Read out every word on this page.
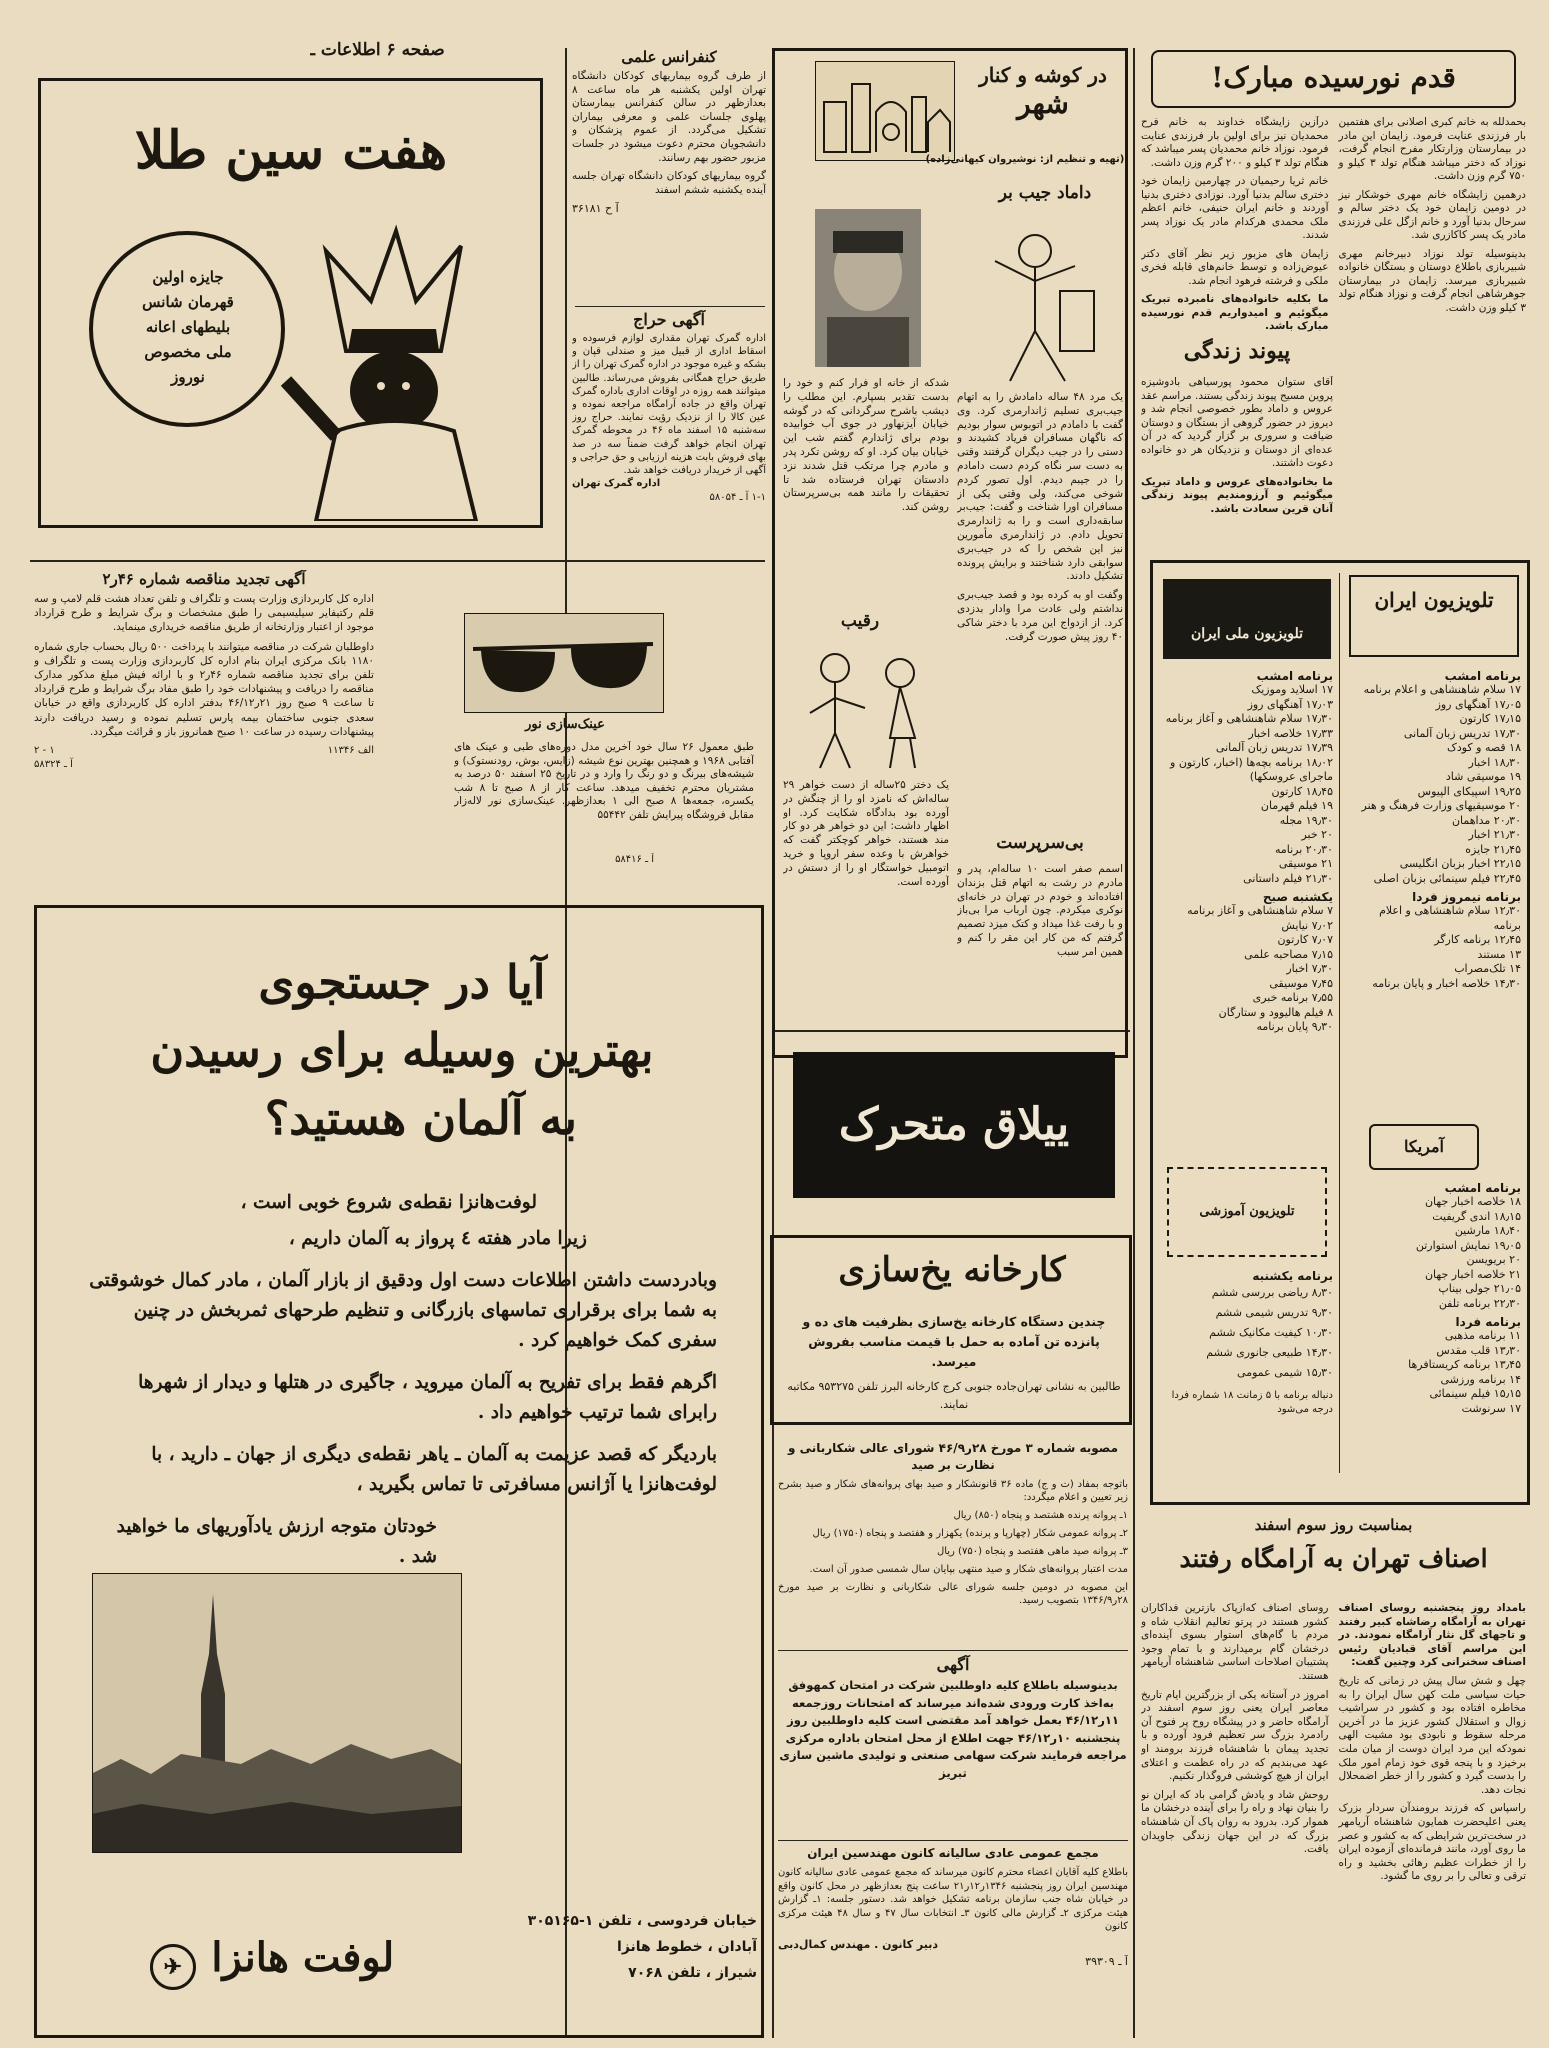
صفحه ۶ اطلاعات ـ
قدم نورسیده مبارک!

بحمدلله به خانم کبری اصلانی برای هفتمین بار فرزندی عنایت فرمود. زایمان این مادر در بیمارستان وزارتکار مفرح انجام گرفت، نوزاد که دختر میباشد هنگام تولد ۳ کیلو و ۷۵۰ گرم وزن داشت.

درهمین زایشگاه خانم مهری خوشکار نیز در دومین زایمان خود یک دختر سالم و سرحال بدنیا آورد و خانم ازگل علی فرزندی مادر یک پسر کاکازری شد.

بدینوسیله تولد نوزاد دبیرخانم مهری شبیربازی باطلاع دوستان و بستگان خانواده شبیربازی میرسد. زایمان در بیمارستان جوهرشاهی انجام گرفت و نوزاد هنگام تولد ۳ کیلو وزن داشت.

درآزین زایشگاه خداوند به خانم فرح محمدیان نیز برای اولین بار فرزندی عنایت فرمود. نوزاد خانم محمدیان پسر میباشد که هنگام تولد ۳ کیلو و ۲۰۰ گرم وزن داشت.

خانم ثریا رحیمیان در چهارمین زایمان خود دختری سالم بدنیا آورد. نوزادی دختری بدنیا آوردند و خانم ایران حنیفی، خانم اعظم ملک محمدی هرکدام مادر یک نوزاد پسر شدند.

زایمان های مزبور زیر نظر آقای دکتر عیوض‌زاده و توسط خانم‌های قابله فخری ملکی و فرشته فرهود انجام شد.

ما بکلیه خانواده‌های نامبرده تبریک میگوئیم و امیدواریم قدم نورسیده مبارک باشد.

پیوند زندگی

آقای ستوان محمود پورسیاهی بادوشیزه پروین مسیح پیوند زندگی بستند. مراسم عقد عروس و داماد بطور خصوصی انجام شد و دیروز در حضور گروهی از بستگان و دوستان ضیافت و سروری بر گزار گردید که در آن عده‌ای از دوستان و نزدیکان هر دو خانواده دعوت داشتند.

ما بخانواده‌های عروس و داماد تبریک میگوئیم و آرزومندیم پیوند زندگی آنان قرین سعادت باشد.

تلویزیون ایران
برنامه امشب
۱۷ سلام شاهنشاهی و اعلام برنامه
۱۷٫۰۵ آهنگهای روز
۱۷٫۱۵ کارتون
۱۷٫۳۰ تدریس زبان آلمانی
۱۸ قصه و کودک
۱۸٫۳۰ اخبار
۱۹ موسیقی شاد
۱۹٫۲۵ اسپیکای الپیوس
۲۰ موسیقیهای وزارت فرهنگ و هنر
۲۰٫۳۰ مداهمان
۲۱٫۳۰ اخبار
۲۱٫۴۵ جایزه
۲۲٫۱۵ اخبار بزبان انگلیسی
۲۲٫۴۵ فیلم سینمائی بزبان اصلی
برنامه نیمروز فردا
۱۲٫۳۰ سلام شاهنشاهی و اعلام برنامه
۱۲٫۴۵ برنامه کارگر
۱۳ مستند
۱۴ تلک‌مصراب
۱۴٫۳۰ خلاصه اخبار و پایان برنامه
آمریکا
برنامه امشب
۱۸ خلاصه اخبار جهان
۱۸٫۱۵ اندی گریفیت
۱۸٫۴۰ مارشین
۱۹٫۰۵ نمایش استوارتن
۲۰ بریویسن
۲۱ خلاصه اخبار جهان
۲۱٫۰۵ جولی بیناپ
۲۲٫۳۰ برنامه تلفن
برنامه فردا
۱۱ برنامه مذهبی
۱۳٫۳۰ قلب مقدس
۱۳٫۴۵ برنامه کریستافرها
۱۴ برنامه ورزشی
۱۵٫۱۵ فیلم سینمائی
۱۷ سرنوشت
تلویزیون ملی ایران
برنامه امشب
۱۷ اسلاید وموزیک
۱۷٫۰۳ آهنگهای روز
۱۷٫۳۰ سلام شاهنشاهی و آغاز برنامه
۱۷٫۳۳ خلاصه اخبار
۱۷٫۳۹ تدریس زبان آلمانی
۱۸٫۰۲ برنامه بچه‌ها (اخبار، کارتون و ماجرای عروسکها)
۱۸٫۴۵ کارتون
۱۹ فیلم قهرمان
۱۹٫۳۰ مجله
۲۰ خبر
۲۰٫۳۰ برنامه
۲۱ موسیقی
۲۱٫۳۰ فیلم داستانی
یکشنبه صبح
۷ سلام شاهنشاهی و آغاز برنامه
۷٫۰۲ نیایش
۷٫۰۷ کارتون
۷٫۱۵ مصاحبه علمی
۷٫۳۰ اخبار
۷٫۴۵ موسیقی
۷٫۵۵ برنامه خبری
۸ فیلم هالیوود و ستارگان
۹٫۳۰ پایان برنامه
تلویزیون آموزشی
برنامه یکشنبه
۸٫۳۰ ریاضی بررسی ششم
۹٫۳۰ تدریس شیمی ششم
۱۰٫۳۰ کیفیت مکانیک ششم
۱۴٫۳۰ طبیعی جانوری ششم
۱۵٫۳۰ شیمی عمومی
دنباله برنامه با ۵ زمانت ۱۸ شماره فردا درجه می‌شود
بمناسبت روز سوم اسفند
اصناف تهران به آرامگاه رفتند

بامداد روز پنجشنبه روسای اصناف تهران به آرامگاه رضاشاه کبیر رفتند و تاجهای گل نثار آرامگاه نمودند. در این مراسم آقای قبادیان رئیس اصناف سخنرانی کرد وچنین گفت:

چهل و شش سال پیش در زمانی که تاریخ حیات سیاسی ملت کهن سال ایران را به مخاطره افتاده بود و کشور در سراشیب زوال و استقلال کشور عزیز ما در آخرین مرحله سقوط و نابودی بود مشیت الهی نمودکه این مرد ایران دوست از میان ملت برخیزد و با پنجه قوی خود زمام امور ملک را بدست گیرد و کشور را از خطر اضمحلال نجات دهد.

راسپاس که فرزند برومندآن سردار بزرک یعنی اعلیحضرت همایون شاهنشاه آریامهر در سخت‌ترین شرایطی که به کشور و عصر ما روی آورد، مانند فرمانده‌ای آزموده ایران را از خطرات عظیم رهائی بخشید و راه ترقی و تعالی را بر روی ما گشود.

روسای اصناف که‌ازپاک بازترین فداکاران کشور هستند در پرتو تعالیم انقلاب شاه و مردم با گام‌های استوار بسوی آینده‌ای درخشان گام برمیدارند و با تمام وجود پشتیبان اصلاحات اساسی شاهنشاه آریامهر هستند.

امروز در آستانه یکی از بزرگترین ایام تاریخ معاصر ایران یعنی روز سوم اسفند در آرامگاه حاضر و در پیشگاه روح پر فتوح آن رادمرد بزرگ سر تعظیم فرود آورده و با تجدید پیمان با شاهنشاه فرزند برومند او عهد می‌بندیم که در راه عظمت و اعتلای ایران از هیچ کوششی فروگذار نکنیم.

روحش شاد و یادش گرامی باد که ایران نو را بنیان نهاد و راه را برای آینده درخشان ما هموار کرد. بدرود به روان پاک آن شاهنشاه بزرگ که در این جهان زندگی جاویدان یافت.

در کوشه و کنار
شهر
(تهیه و تنظیم از: نوشیروان کیهانی‌زاده)
داماد جیب بر

یک مرد ۴۸ ساله دامادش را به اتهام جیب‌بری تسلیم ژاندارمری کرد. وی گفت با دامادم در اتوبوس سوار بودیم که ناگهان مسافران فریاد کشیدند و دستی را در جیب دیگران گرفتند وقتی به دست سر نگاه کردم دست دامادم را در جیبم دیدم. اول تصور کردم شوخی می‌کند، ولی وقتی یکی از مسافران اورا شناخت و گفت: جیب‌بر سابقه‌داری است و را به ژاندارمری تحویل دادم. در ژاندارمری مأمورین نیز این شخص را که در جیب‌بری سوابقی دارد شناختند و برایش پرونده تشکیل دادند.

وگفت او به کرده بود و قصد جیب‌بری نداشتم ولی عادت مرا وادار بدزدی کرد. از ازدواج این مرد با دختر شاکی ۴۰ روز پیش صورت گرفت.

شدکه از خانه او فرار کنم و خود را بدست تقدیر بسپارم. این مطلب را دیشب باشرح سرگردانی که در گوشه خیابان آیزنهاور در جوی آب خوابیده بودم برای ژاندارم گفتم شب این خیابان بیان کرد. او که روشن تکرد پدر و مادرم چرا مرتکب قتل شدند نزد دادستان تهران فرستاده شد تا تحقیقات را مانند همه بی‌سرپرستان روشن کند.

رقیب

یک دختر ۲۵ساله از دست خواهر ۲۹ ساله‌اش که نامزد او را از چنگش در آورده بود بدادگاه شکایت کرد. او اظهار داشت: این دو خواهر هر دو کار مند هستند، خواهر کوچکتر گفت که خواهرش با وعده سفر اروپا و خرید اتومبیل خواستگار او را از دستش در آورده است.

بی‌سرپرست

اسمم صفر است ۱۰ ساله‌ام، پدر و مادرم در رشت به اتهام قتل بزندان افتاده‌اند و خودم در تهران در خانه‌ای نوکری میکردم. چون ارباب مرا بی‌باز و با رفت غذا میداد و کتک میزد تصمیم گرفتم که من کار این مقر را کنم و همین امر سبب

ییلاق متحرک
کارخانه یخ‌سازی
چندین دستگاه کارخانه یخ‌سازی بظرفیت های ده و پانزده تن آماده به حمل با قیمت مناسب بفروش میرسد.
طالبین به نشانی تهران‌جاده جنوبی کرج کارخانه البرز تلفن ۹۵۳۲۷۵ مکاتبه نمایند.
مصوبه شماره ۳ مورخ ۲۸ر۴۶/۹ شورای عالی شکاربانی و نظارت بر صید

باتوجه بمفاد (ت و ج) ماده ۳۶ قانونشکار و صید بهای پروانه‌های شکار و صید بشرح زیر تعیین و اعلام میگردد:

۱ـ پروانه پرنده هشتصد و پنجاه (۸۵۰) ریال

۲ـ پروانه عمومی شکار (چهارپا و پرنده) یکهزار و هفتصد و پنجاه (۱۷۵۰) ریال

۳ـ پروانه صید ماهی هفتصد و پنجاه (۷۵۰) ریال

مدت اعتبار پروانه‌های شکار و صید منتهی بپایان سال شمسی صدور آن است.

این مصوبه در دومین جلسه شورای عالی شکاربانی و نظارت بر صید مورخ ۲۸ر۱۳۴۶/۹ بتصویب رسید.

آگهی
بدینوسیله باطلاع کلیه داوطلبین شرکت در امتحان کمهوفق به‌اخذ کارت ورودی شده‌اند میرساند که امتحانات روزجمعه ۱۱ر۴۶/۱۲ بعمل خواهد آمد مقتضی است کلیه داوطلبین روز پنجشنبه ۱۰ر۴۶/۱۲ جهت اطلاع از محل امتحان باداره مرکزی مراجعه فرمایند شرکت سهامی صنعتی و تولیدی ماشین سازی تبریز
مجمع عمومی عادی سالیانه کانون مهندسین ایران
باطلاع کلیه آقایان اعضاء محترم کانون میرساند که مجمع عمومی عادی سالیانه کانون مهندسین ایران روز پنجشنبه ۱۳۴۶ر۱۲ر۲۱ ساعت پنج بعدازظهر در محل کانون واقع در خیابان شاه جنب سازمان برنامه تشکیل خواهد شد. دستور جلسه: ۱ـ گزارش هیئت مرکزی ۲ـ گزارش مالی کانون ۳ـ انتخابات سال ۴۷ و سال ۴۸ هیئت مرکزی کانون
دبیر کانون . مهندس کمال‌دبی
آ ـ ۳۹۳۰۹
کنفرانس علمی

از طرف گروه بیماریهای کودکان دانشگاه تهران اولین یکشنبه هر ماه ساعت ۸ بعدازظهر در سالن کنفرانس بیمارستان پهلوی جلسات علمی و معرفی بیماران تشکیل می‌گردد. از عموم پزشکان و دانشجویان محترم دعوت میشود در جلسات مزبور حضور بهم رسانند.

گروه بیماریهای کودکان دانشگاه تهران جلسه آینده یکشنبه ششم اسفند

آ ح ۳۶۱۸۱
آگهی حراج
اداره گمرک تهران مقداری لوازم فرسوده و اسقاط اداری از قبیل میز و صندلی قپان و بشکه و غیره موجود در اداره گمرک تهران را از طریق حراج همگانی بفروش می‌رساند. طالبین میتوانند همه روزه در اوقات اداری باداره گمرک تهران واقع در جاده آرامگاه مراجعه نموده و عین کالا را از نزدیک رؤیت نمایند. حراج روز سه‌شنبه ۱۵ اسفند ماه ۴۶ در محوطه گمرک تهران انجام خواهد گرفت ضمناً سه در صد بهای فروش بابت هزینه ارزیابی و حق حراجی و آگهی از خریدار دریافت خواهد شد.
اداره گمرک تهران
۱-۱ آ ـ ۵۸۰۵۴
عینک‌سازی نور
طبق معمول ۲۶ سال خود آخرین مدل دوره‌های طبی و عینک های آفتابی ۱۹۶۸ و همچنین بهترین نوع شیشه (زایس، بوش، رودنستوک) و شیشه‌های بیرنگ و دو رنگ را وارد و در تاریخ ۲۵ اسفند ۵۰ درصد به مشتریان محترم تخفیف میدهد. ساعت کار از ۸ صبح تا ۸ شب یکسره، جمعه‌ها ۸ صبح الی ۱ بعدازظهر. عینک‌سازی نور لاله‌زار مقابل فروشگاه پیرایش تلفن ۵۵۴۴۲
آ ـ ۵۸۴۱۶
هفت سین طلا
جایزه اولین
قهرمان شانس
بلیطهای اعانه
ملی مخصوص
نوروز
آگهی تجدید مناقصه شماره ۴۶ر۲

اداره کل کاربردازی وزارت پست و تلگراف و تلفن تعداد هشت قلم لامپ و سه قلم رکتیفایر سیلیسیمی را طبق مشخصات و برگ شرایط و طرح قرارداد موجود از اعتبار وزارتخانه از طریق مناقصه خریداری مینماید.

داوطلبان شرکت در مناقصه میتوانند با پرداخت ۵۰۰ ریال بحساب جاری شماره ۱۱۸۰ بانک مرکزی ایران بنام اداره کل کاربردازی وزارت پست و تلگراف و تلفن برای تجدید مناقصه شماره ۴۶ر۲ و با ارائه فیش مبلغ مذکور مدارک مناقصه را دریافت و پیشنهادات خود را طبق مفاد برگ شرایط و طرح قرارداد تا ساعت ۹ صبح روز ۲۱ر۴۶/۱۲ بدفتر اداره کل کاربردازی واقع در خیابان سعدی جنوبی ساختمان بیمه پارس تسلیم نموده و رسید دریافت دارند پیشنهادات رسیده در ساعت ۱۰ صبح همانروز باز و قرائت میگردد.

الف ۱۱۳۴۶
۱ - ۲
آ ـ ۵۸۳۲۴
آیا در جستجوی
بهترین وسیله برای رسیدن
به آلمان هستید؟

لوفت‌هانزا نقطه‌ی شروع خوبی است ،

زیرا مادر هفته ٤ پرواز به آلمان داریم ،

وبادردست داشتن اطلاعات دست اول ودقیق از بازار آلمان ، مادر کمال خوشوقتی به شما برای برقراری تماسهای بازرگانی و تنظیم طرحهای ثمربخش در چنین سفری کمک خواهیم کرد .

اگرهم فقط برای تفریح به آلمان میروید ، جاگیری در هتلها و دیدار از شهرها رابرای شما ترتیب خواهیم داد .

باردیگر که قصد عزیمت به آلمان ـ یاهر نقطه‌ی دیگری از جهان ـ دارید ، با لوفت‌هانزا یا آژانس مسافرتی تا تماس بگیرید ،

خودتان متوجه ارزش یادآوریهای ما خواهید شد .

خیابان فردوسی ، تلفن ۱-۳۰۵۱۶۵
آبادان ، خطوط هانزا
شیراز ، تلفن ۷۰۶۸
لوفت هانزا ✈
